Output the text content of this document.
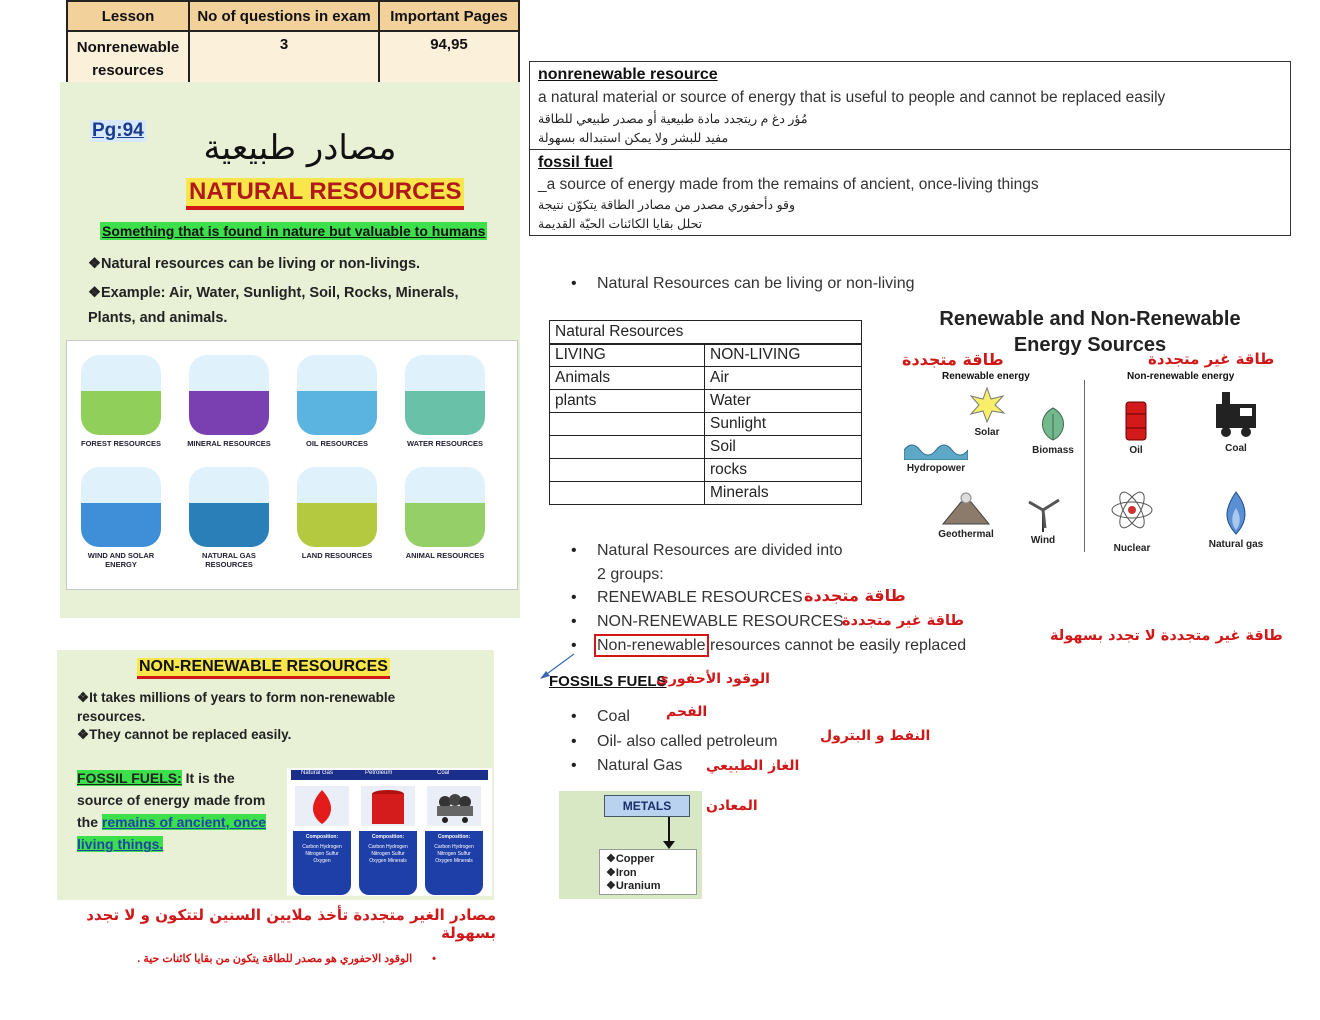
Lesson	No of questions in exam	Important Pages
Nonrenewable resources	3	94,95
Pg:94	مصادر طبيعية
NATURAL RESOURCES
Something that is found in nature but valuable to humans
❖Natural resources can be living or non-livings.
❖Example: Air, Water, Sunlight, Soil, Rocks, Minerals, Plants, and animals.
FOREST RESOURCES	MINERAL RESOURCES	OIL RESOURCES	WATER RESOURCES
WIND AND SOLAR ENERGY
NATURAL GAS RESOURCES
LAND RESOURCES	ANIMAL RESOURCES
nonrenewable resource
a natural material or source of energy that is useful to people and cannot be replaced easily
مُؤر دغ م ريتجدد مادة طبيعية أو مصدر طبيعي للطاقة
مفيد للبشر ولا يمكن استبداله بسهولة
fossil fuel
_a source of energy made from the remains of ancient, once-living things
وقو دأحفوري مصدر من مصادر الطاقة يتكوّن نتيجة
تحلل بقايا الكائنات الحيّة القديمة
• Natural Resources can be living or non-living
Natural Resources	
LIVING	NON-LIVING
Animals	Air
plants	Water
	Sunlight
	Soil
	rocks
	Minerals
Renewable and Non-Renewable
Energy Sources
طاقة متجددة	طاقة غير متجددة
Renewable energy	Non-renewable energy
Solar
Biomass
Hydropower
Geothermal
Wind
Oil	Coal
Nuclear	Natural gas
• Natural Resources are divided into
2 groups:
• RENEWABLE RESOURCES طاقة متجددة
• NON-RENEWABLE RESOURCES
طاقة غير متجددة
• Non-renewable resources cannot be easily replaced
طاقة غير متجددة لا تجدد بسهولة
FOSSILS FUELS
الوقود الأحفوري
• Coal	الفحم
• Oil- also called petroleum	النفط و البترول
• Natural Gas الغاز الطبيعي
METALS
❖Copper
❖Iron
❖Uranium
المعادن
NON-RENEWABLE RESOURCES
❖It takes millions of years to form non-renewable resources.
❖They cannot be replaced easily.
FOSSIL FUELS: It is the source of energy made from the remains of ancient, once living things.
Natural Gas	Petroleum	Coal
Composition:
Carbon Hydrogen Nitrogen Sulfur Oxygen
Composition:
Carbon Hydrogen Nitrogen Sulfur Oxygen Minerals
Composition:
Carbon Hydrogen Nitrogen Sulfur Oxygen Minerals
مصادر الغير متجددة تأخذ ملايين السنين لتتكون و لا تجدد بسهولة
الوقود الاحفوري هو مصدر للطاقة يتكون من بقايا كائنات حية . •
